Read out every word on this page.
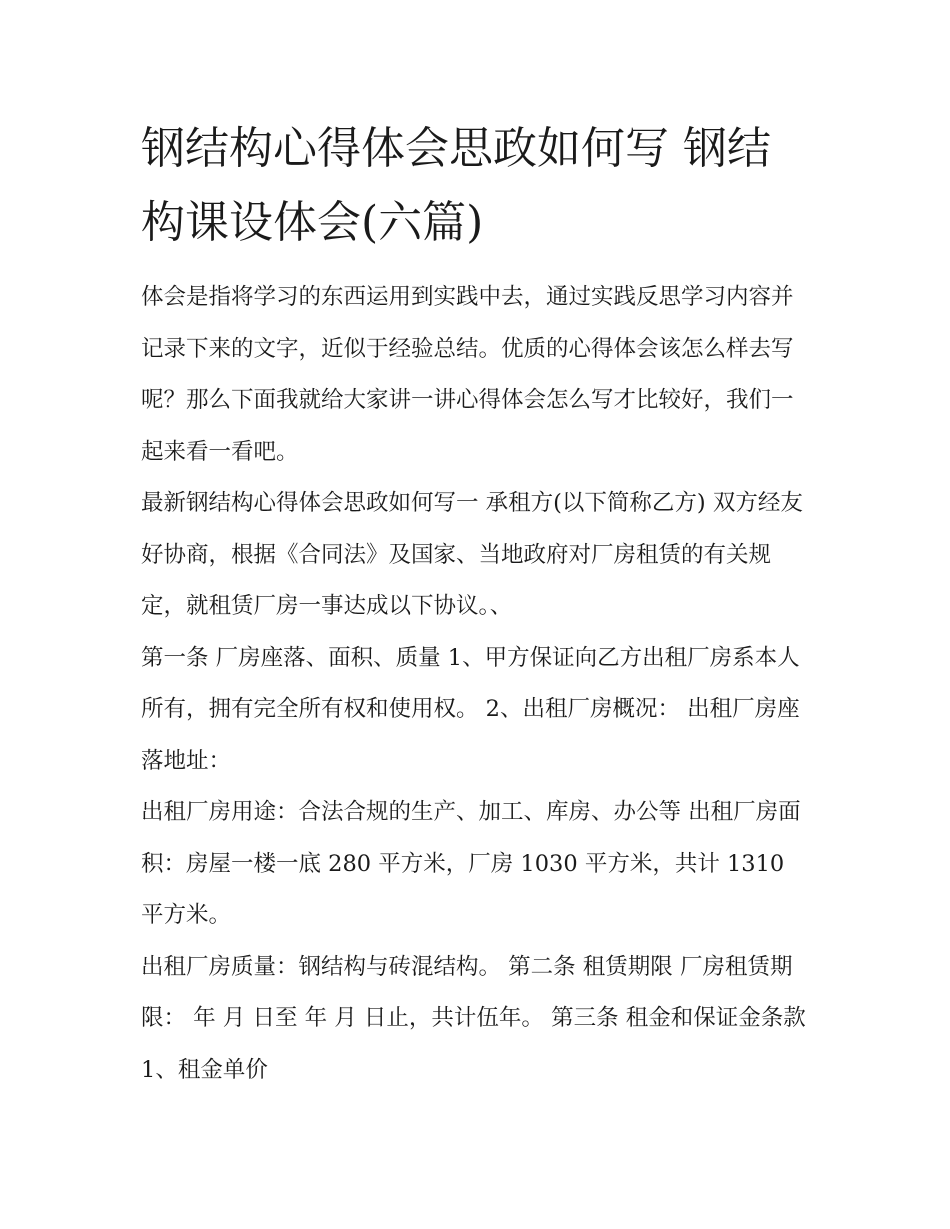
钢结构心得体会思政如何写 钢结构课设体会(六篇)

体会是指将学习的东西运用到实践中去，通过实践反思学习内容并记录下来的文字，近似于经验总结。优质的心得体会该怎么样去写呢？那么下面我就给大家讲一讲心得体会怎么写才比较好，我们一起来看一看吧。

最新钢结构心得体会思政如何写一 承租方(以下简称乙方) 双方经友好协商，根据《合同法》及国家、当地政府对厂房租赁的有关规定，就租赁厂房一事达成以下协议。、

第一条 厂房座落、面积、质量 1、甲方保证向乙方出租厂房系本人所有，拥有完全所有权和使用权。 2、出租厂房概况： 出租厂房座落地址：

出租厂房用途：合法合规的生产、加工、库房、办公等 出租厂房面积：房屋一楼一底 280 平方米，厂房 1030 平方米，共计 1310 平方米。

出租厂房质量：钢结构与砖混结构。 第二条 租赁期限 厂房租赁期限： 年 月 日至 年 月 日止，共计伍年。 第三条 租金和保证金条款 1、租金单价
